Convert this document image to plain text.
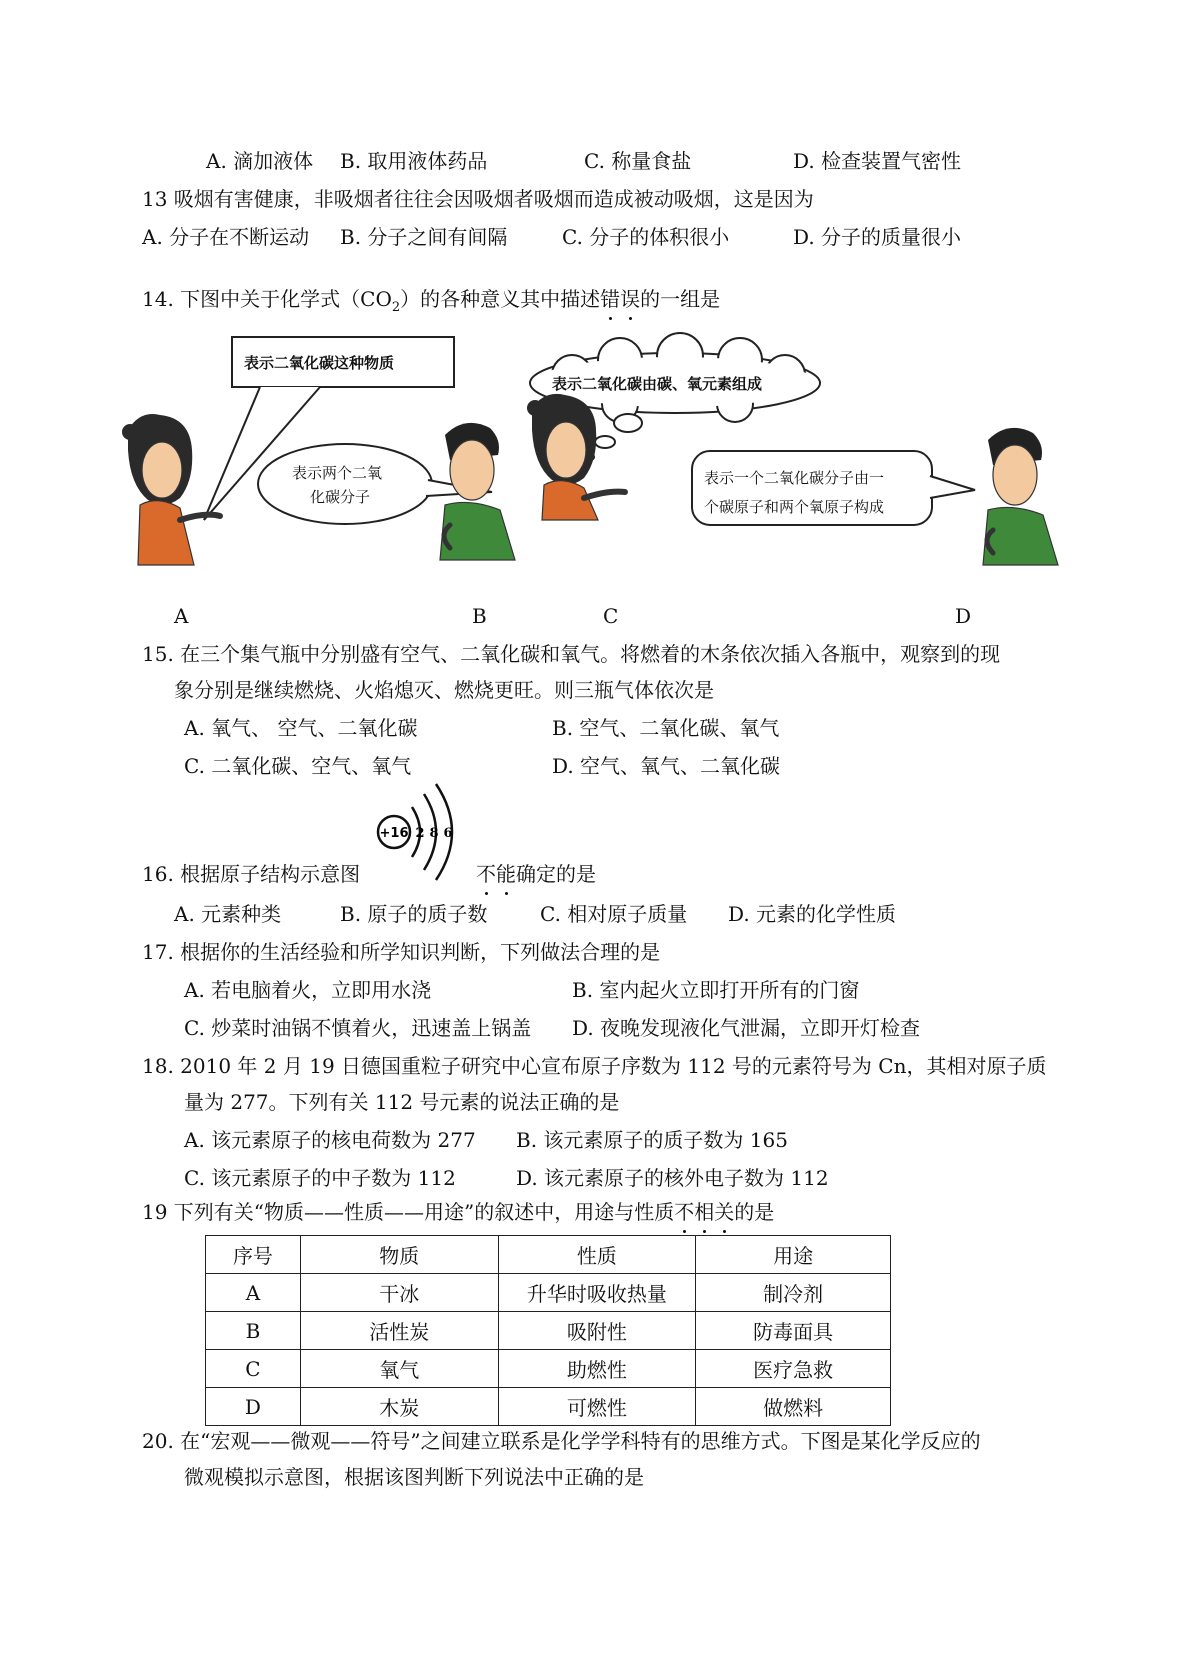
A. 滴加液体 B. 取用液体药品	C. 称量食盐	D. 检查装置气密性
13 吸烟有害健康，非吸烟者往往会因吸烟者吸烟而造成被动吸烟，这是因为
A. 分子在不断运动 B. 分子之间有间隔	C. 分子的体积很小	D. 分子的质量很小
14. 下图中关于化学式$(CO_2)$的各种意义其中描述错误的一组是
表示二氧化碳这种物质
表示两个二氧
化碳分子
表示二氧化碳由碳、氧元素组成
表示一个二氧化碳分子由一
个碳原子和两个氧原子构成
A	B	C	D
15. 在三个集气瓶中分别盛有空气、二氧化碳和氧气。将燃着的木条依次插入各瓶中，观察到的现
象分别是继续燃烧、火焰熄灭、燃烧更旺。则三瓶气体依次是
A. 氧气、 空气、二氧化碳	B. 空气、二氧化碳、氧气
C. 二氧化碳、空气、氧气	D. 空气、氧气、二氧化碳
16. 根据原子结构示意图
+16 2 8 6
不能确定的是
A. 元素种类	B. 原子的质子数	C. 相对原子质量 D. 元素的化学性质
17. 根据你的生活经验和所学知识判断，下列做法合理的是
A. 若电脑着火，立即用水浇	B. 室内起火立即打开所有的门窗
C. 炒菜时油锅不慎着火，迅速盖上锅盖 D. 夜晚发现液化气泄漏，立即开灯检查
18. 2010 年 2 月 19 日德国重粒子研究中心宣布原子序数为 112 号的元素符号为 Cn，其相对原子质
量为 277。下列有关 112 号元素的说法正确的是
A. 该元素原子的核电荷数为 277 B. 该元素原子的质子数为 165
C. 该元素原子的中子数为 112	D. 该元素原子的核外电子数为 112
19 下列有关“物质——性质——用途”的叙述中，用途与性质不相关的是
序号	物质	性质	用途
A	干冰	升华时吸收热量	制冷剂
B	活性炭	吸附性	防毒面具
C	氧气	助燃性	医疗急救
D	木炭	可燃性	做燃料
20. 在“宏观——微观——符号”之间建立联系是化学学科特有的思维方式。下图是某化学反应的
微观模拟示意图，根据该图判断下列说法中正确的是
